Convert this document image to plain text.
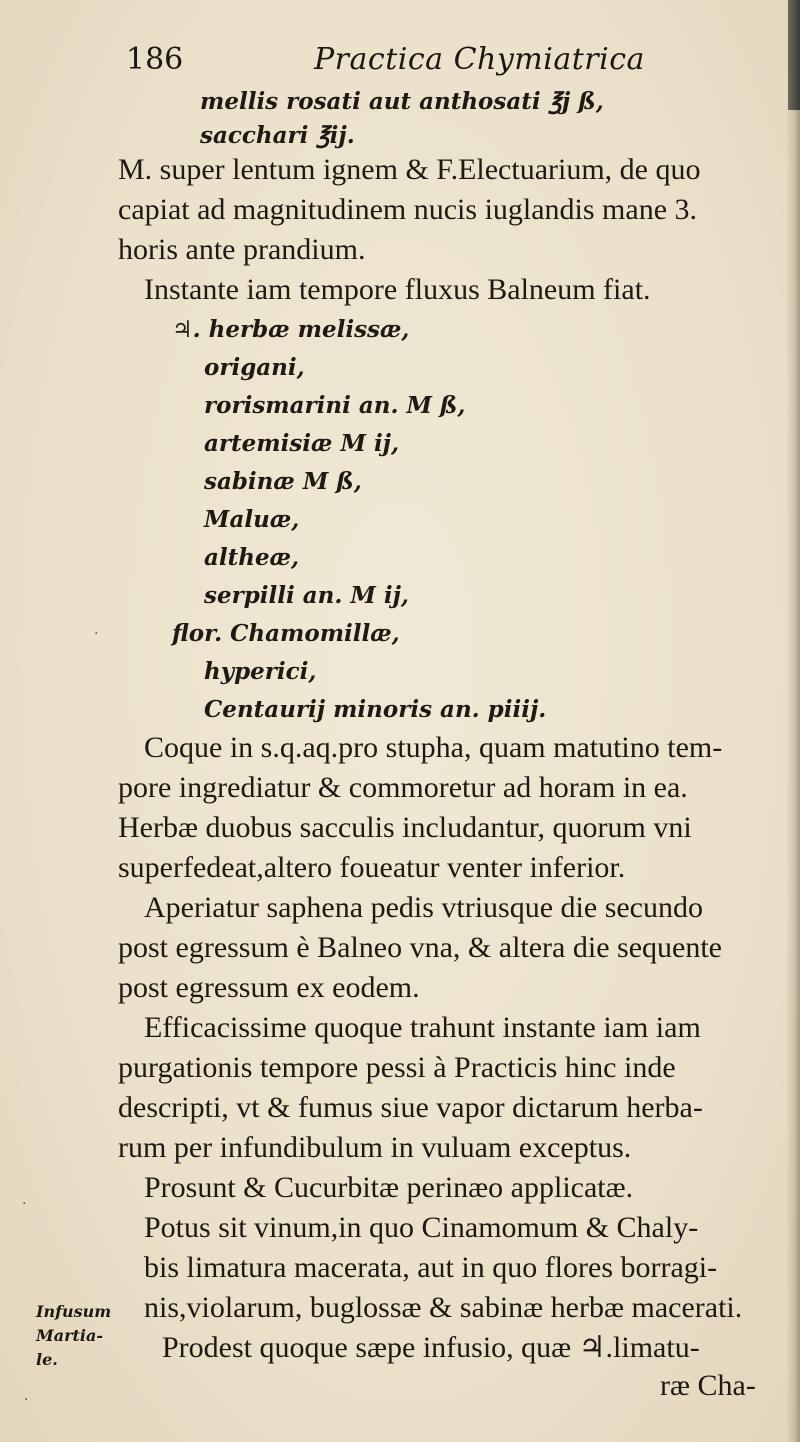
186	Practica Chymiatrica
mellis rosati aut anthosati ℥j ß,
sacchari ℥ij.
M. super lentum ignem & F.Electuarium, de quo
capiat ad magnitudinem nucis iuglandis mane 3.
horis ante prandium.
Instante iam tempore fluxus Balneum fiat.
♃. herbæ melissæ,
origani,
rorismarini an. M ß,
artemisiæ M ij,
sabinæ M ß,
Maluæ,
altheæ,
serpilli an. M ij,
flor. Chamomillæ,
hyperici,
Centaurij minoris an. piiij.
Coque in s.q.aq.pro stupha, quam matutino tem-
pore ingrediatur & commoretur ad horam in ea.
Herbæ duobus sacculis includantur, quorum vni
superfedeat,altero foueatur venter inferior.
Aperiatur saphena pedis vtriusque die secundo
post egressum è Balneo vna, & altera die sequente
post egressum ex eodem.
Efficacissime quoque trahunt instante iam iam
purgationis tempore pessi à Practicis hinc inde
descripti, vt & fumus siue vapor dictarum herba-
rum per infundibulum in vuluam exceptus.
Prosunt & Cucurbitæ perinæo applicatæ.
Potus sit vinum,in quo Cinamomum & Chaly-
bis limatura macerata, aut in quo flores borragi-
nis,violarum, buglossæ & sabinæ herbæ macerati.
Prodest quoque sæpe infusio, quæ ♃.limatu-
ræ Cha-
Infusum
Martia-
le.
·
·
·
